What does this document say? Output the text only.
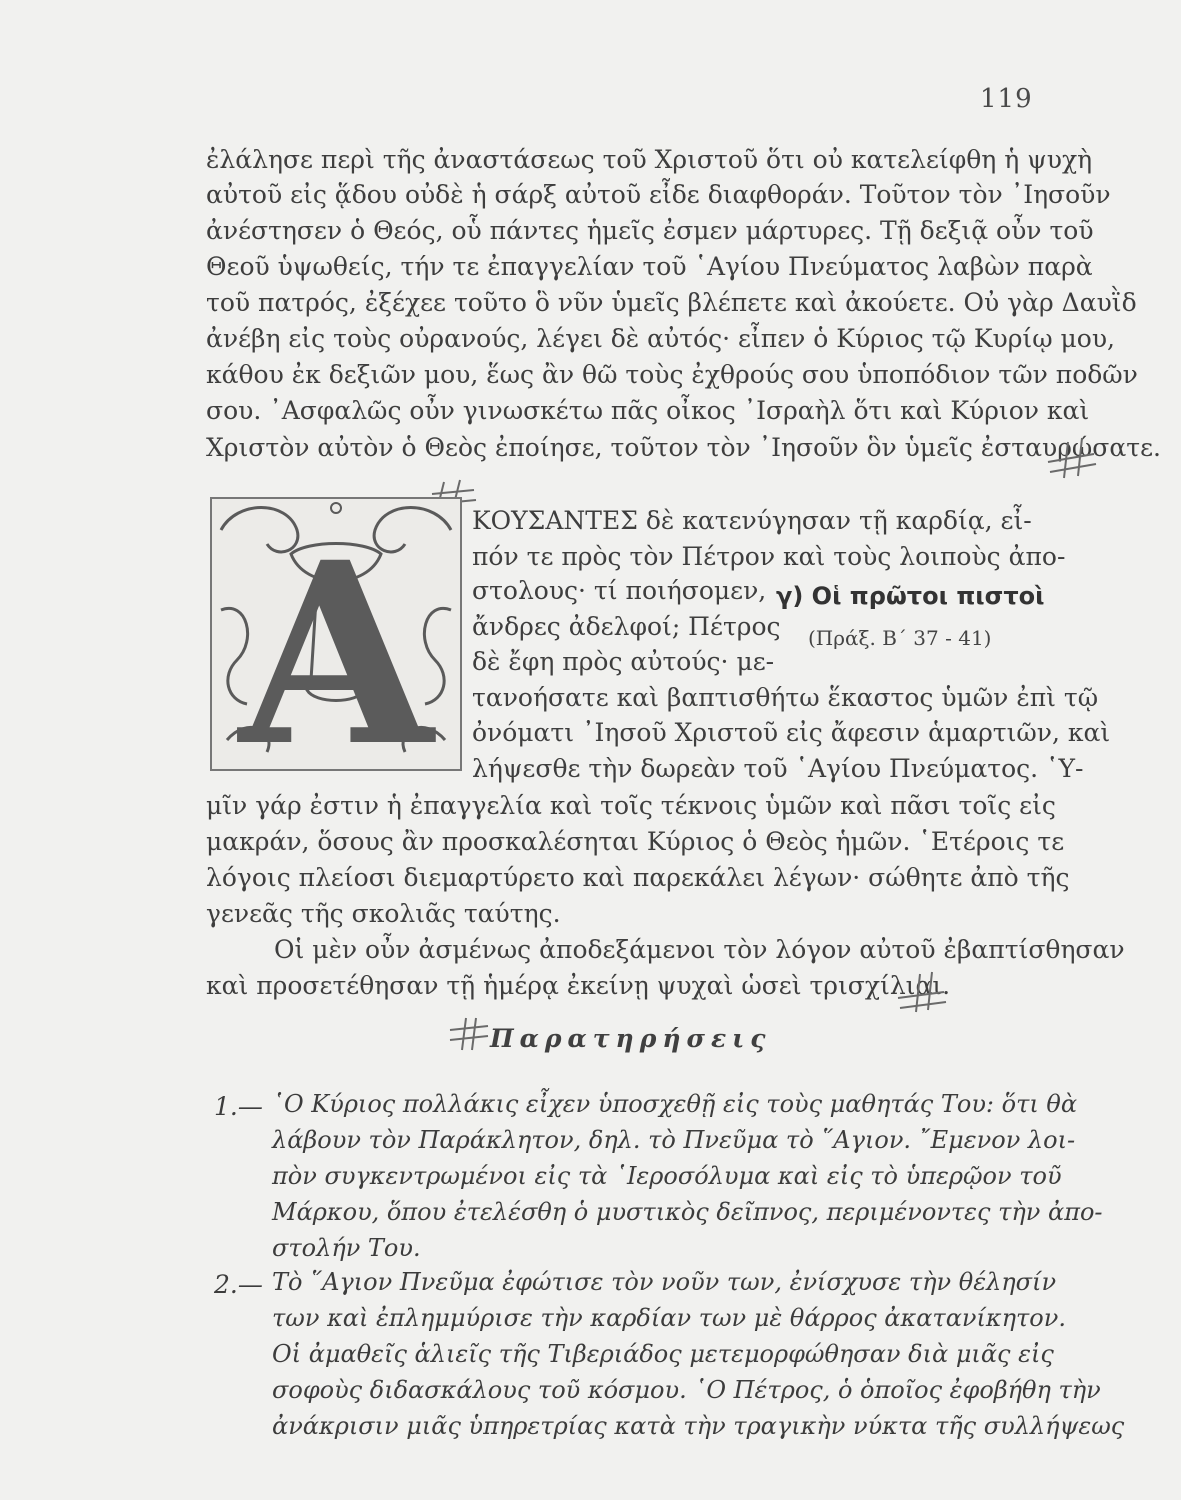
119
ἐλάλησε περὶ τῆς ἀναστάσεως τοῦ Χριστοῦ ὅτι οὐ κατελείφθη ἡ ψυχὴ
αὐτοῦ εἰς ᾅδου οὐδὲ ἡ σάρξ αὐτοῦ εἶδε διαφθοράν. Τοῦτον τὸν ᾿Ιησοῦν
ἀνέστησεν ὁ Θεός, οὗ πάντες ἡμεῖς ἐσμεν μάρτυρες. Τῇ δεξιᾷ οὖν τοῦ
Θεοῦ ὑψωθείς, τήν τε ἐπαγγελίαν τοῦ ῾Αγίου Πνεύματος λαβὼν παρὰ
τοῦ πατρός, ἐξέχεε τοῦτο ὃ νῦν ὑμεῖς βλέπετε καὶ ἀκούετε. Οὐ γὰρ Δαυῒδ
ἀνέβη εἰς τοὺς οὐρανούς, λέγει δὲ αὐτός· εἶπεν ὁ Κύριος τῷ Κυρίῳ μου,
κάθου ἐκ δεξιῶν μου, ἕως ἂν θῶ τοὺς ἐχθρούς σου ὑποπόδιον τῶν ποδῶν
σου. ᾿Ασφαλῶς οὖν γινωσκέτω πᾶς οἶκος ᾿Ισραὴλ ὅτι καὶ Κύριον καὶ
Χριστὸν αὐτὸν ὁ Θεὸς ἐποίησε, τοῦτον τὸν ᾿Ιησοῦν ὃν ὑμεῖς ἐσταυρώσατε.
Α ΚΟΥΣΑΝΤΕΣ δὲ κατενύγησαν τῇ καρδίᾳ, εἶ-
πόν τε πρὸς τὸν Πέτρον καὶ τοὺς λοιποὺς ἀπο-
στολους· τί ποιήσομεν,
ἄνδρες ἀδελφοί; Πέτρος
δὲ ἔφη πρὸς αὐτούς· με-
τανοήσατε καὶ βαπτισθήτω ἕκαστος ὑμῶν ἐπὶ τῷ
ὀνόματι ᾿Ιησοῦ Χριστοῦ εἰς ἄφεσιν ἁμαρτιῶν, καὶ
λήψεσθε τὴν δωρεὰν τοῦ ῾Αγίου Πνεύματος. ῾Υ-
μῖν γάρ ἐστιν ἡ ἐπαγγελία καὶ τοῖς τέκνοις ὑμῶν καὶ πᾶσι τοῖς εἰς
μακράν, ὅσους ἂν προσκαλέσηται Κύριος ὁ Θεὸς ἡμῶν. ῾Ετέροις τε
λόγοις πλείοσι διεμαρτύρετο καὶ παρεκάλει λέγων· σώθητε ἀπὸ τῆς
γενεᾶς τῆς σκολιᾶς ταύτης.
γ) Οἱ πρῶτοι πιστοὶ
(Πράξ. Β΄ 37 - 41)
Οἱ μὲν οὖν ἀσμένως ἀποδεξάμενοι τὸν λόγον αὐτοῦ ἐβαπτίσθησαν
καὶ προσετέθησαν τῇ ἡμέρᾳ ἐκείνῃ ψυχαὶ ὡσεὶ τρισχίλιαι.
Παρατηρήσεις
1.— ῾Ο Κύριος πολλάκις εἶχεν ὑποσχεθῇ εἰς τοὺς μαθητάς Του: ὅτι θὰ
λάβουν τὸν Παράκλητον, δηλ. τὸ Πνεῦμα τὸ ῞Αγιον. ῎Εμενον λοι-
πὸν συγκεντρωμένοι εἰς τὰ ῾Ιεροσόλυμα καὶ εἰς τὸ ὑπερῷον τοῦ
Μάρκου, ὅπου ἐτελέσθη ὁ μυστικὸς δεῖπνος, περιμένοντες τὴν ἀπο-
στολήν Του.
2.— Τὸ ῞Αγιον Πνεῦμα ἐφώτισε τὸν νοῦν των, ἐνίσχυσε τὴν θέλησίν
των καὶ ἐπλημμύρισε τὴν καρδίαν των μὲ θάρρος ἀκατανίκητον.
Οἱ ἀμαθεῖς ἁλιεῖς τῆς Τιβεριάδος μετεμορφώθησαν διὰ μιᾶς εἰς
σοφοὺς διδασκάλους τοῦ κόσμου. ῾Ο Πέτρος, ὁ ὁποῖος ἐφοβήθη τὴν
ἀνάκρισιν μιᾶς ὑπηρετρίας κατὰ τὴν τραγικὴν νύκτα τῆς συλλήψεως
